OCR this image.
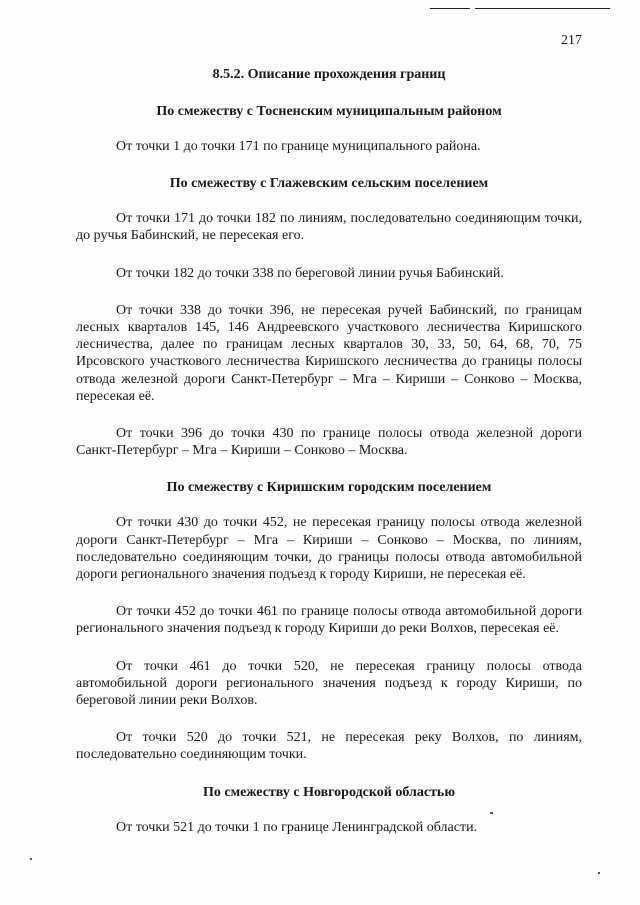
217

8.5.2. Описание прохождения границ

По смежеству с Тосненским муниципальным районом

От точки 1 до точки 171 по границе муниципального района.

По смежеству с Глажевским сельским поселением

От точки 171 до точки 182 по линиям, последовательно соединяющим точки, до ручья Бабинский, не пересекая его.

От точки 182 до точки 338 по береговой линии ручья Бабинский.

От точки 338 до точки 396, не пересекая ручей Бабинский, по границам лесных кварталов 145, 146 Андреевского участкового лесничества Киришского лесничества, далее по границам лесных кварталов 30, 33, 50, 64, 68, 70, 75 Ирсовского участкового лесничества Киришского лесничества до границы полосы отвода железной дороги Санкт-Петербург – Мга – Кириши – Сонково – Москва, пересекая её.

От точки 396 до точки 430 по границе полосы отвода железной дороги Санкт-Петербург – Мга – Кириши – Сонково – Москва.

По смежеству с Киришским городским поселением

От точки 430 до точки 452, не пересекая границу полосы отвода железной дороги Санкт-Петербург – Мга – Кириши – Сонково – Москва, по линиям, последовательно соединяющим точки, до границы полосы отвода автомобильной дороги регионального значения подъезд к городу Кириши, не пересекая её.

От точки 452 до точки 461 по границе полосы отвода автомобильной дороги регионального значения подъезд к городу Кириши до реки Волхов, пересекая её.

От точки 461 до точки 520, не пересекая границу полосы отвода автомобильной дороги регионального значения подъезд к городу Кириши, по береговой линии реки Волхов.

От точки 520 до точки 521, не пересекая реку Волхов, по линиям, последовательно соединяющим точки.

По смежеству с Новгородской областью

От точки 521 до точки 1 по границе Ленинградской области.
